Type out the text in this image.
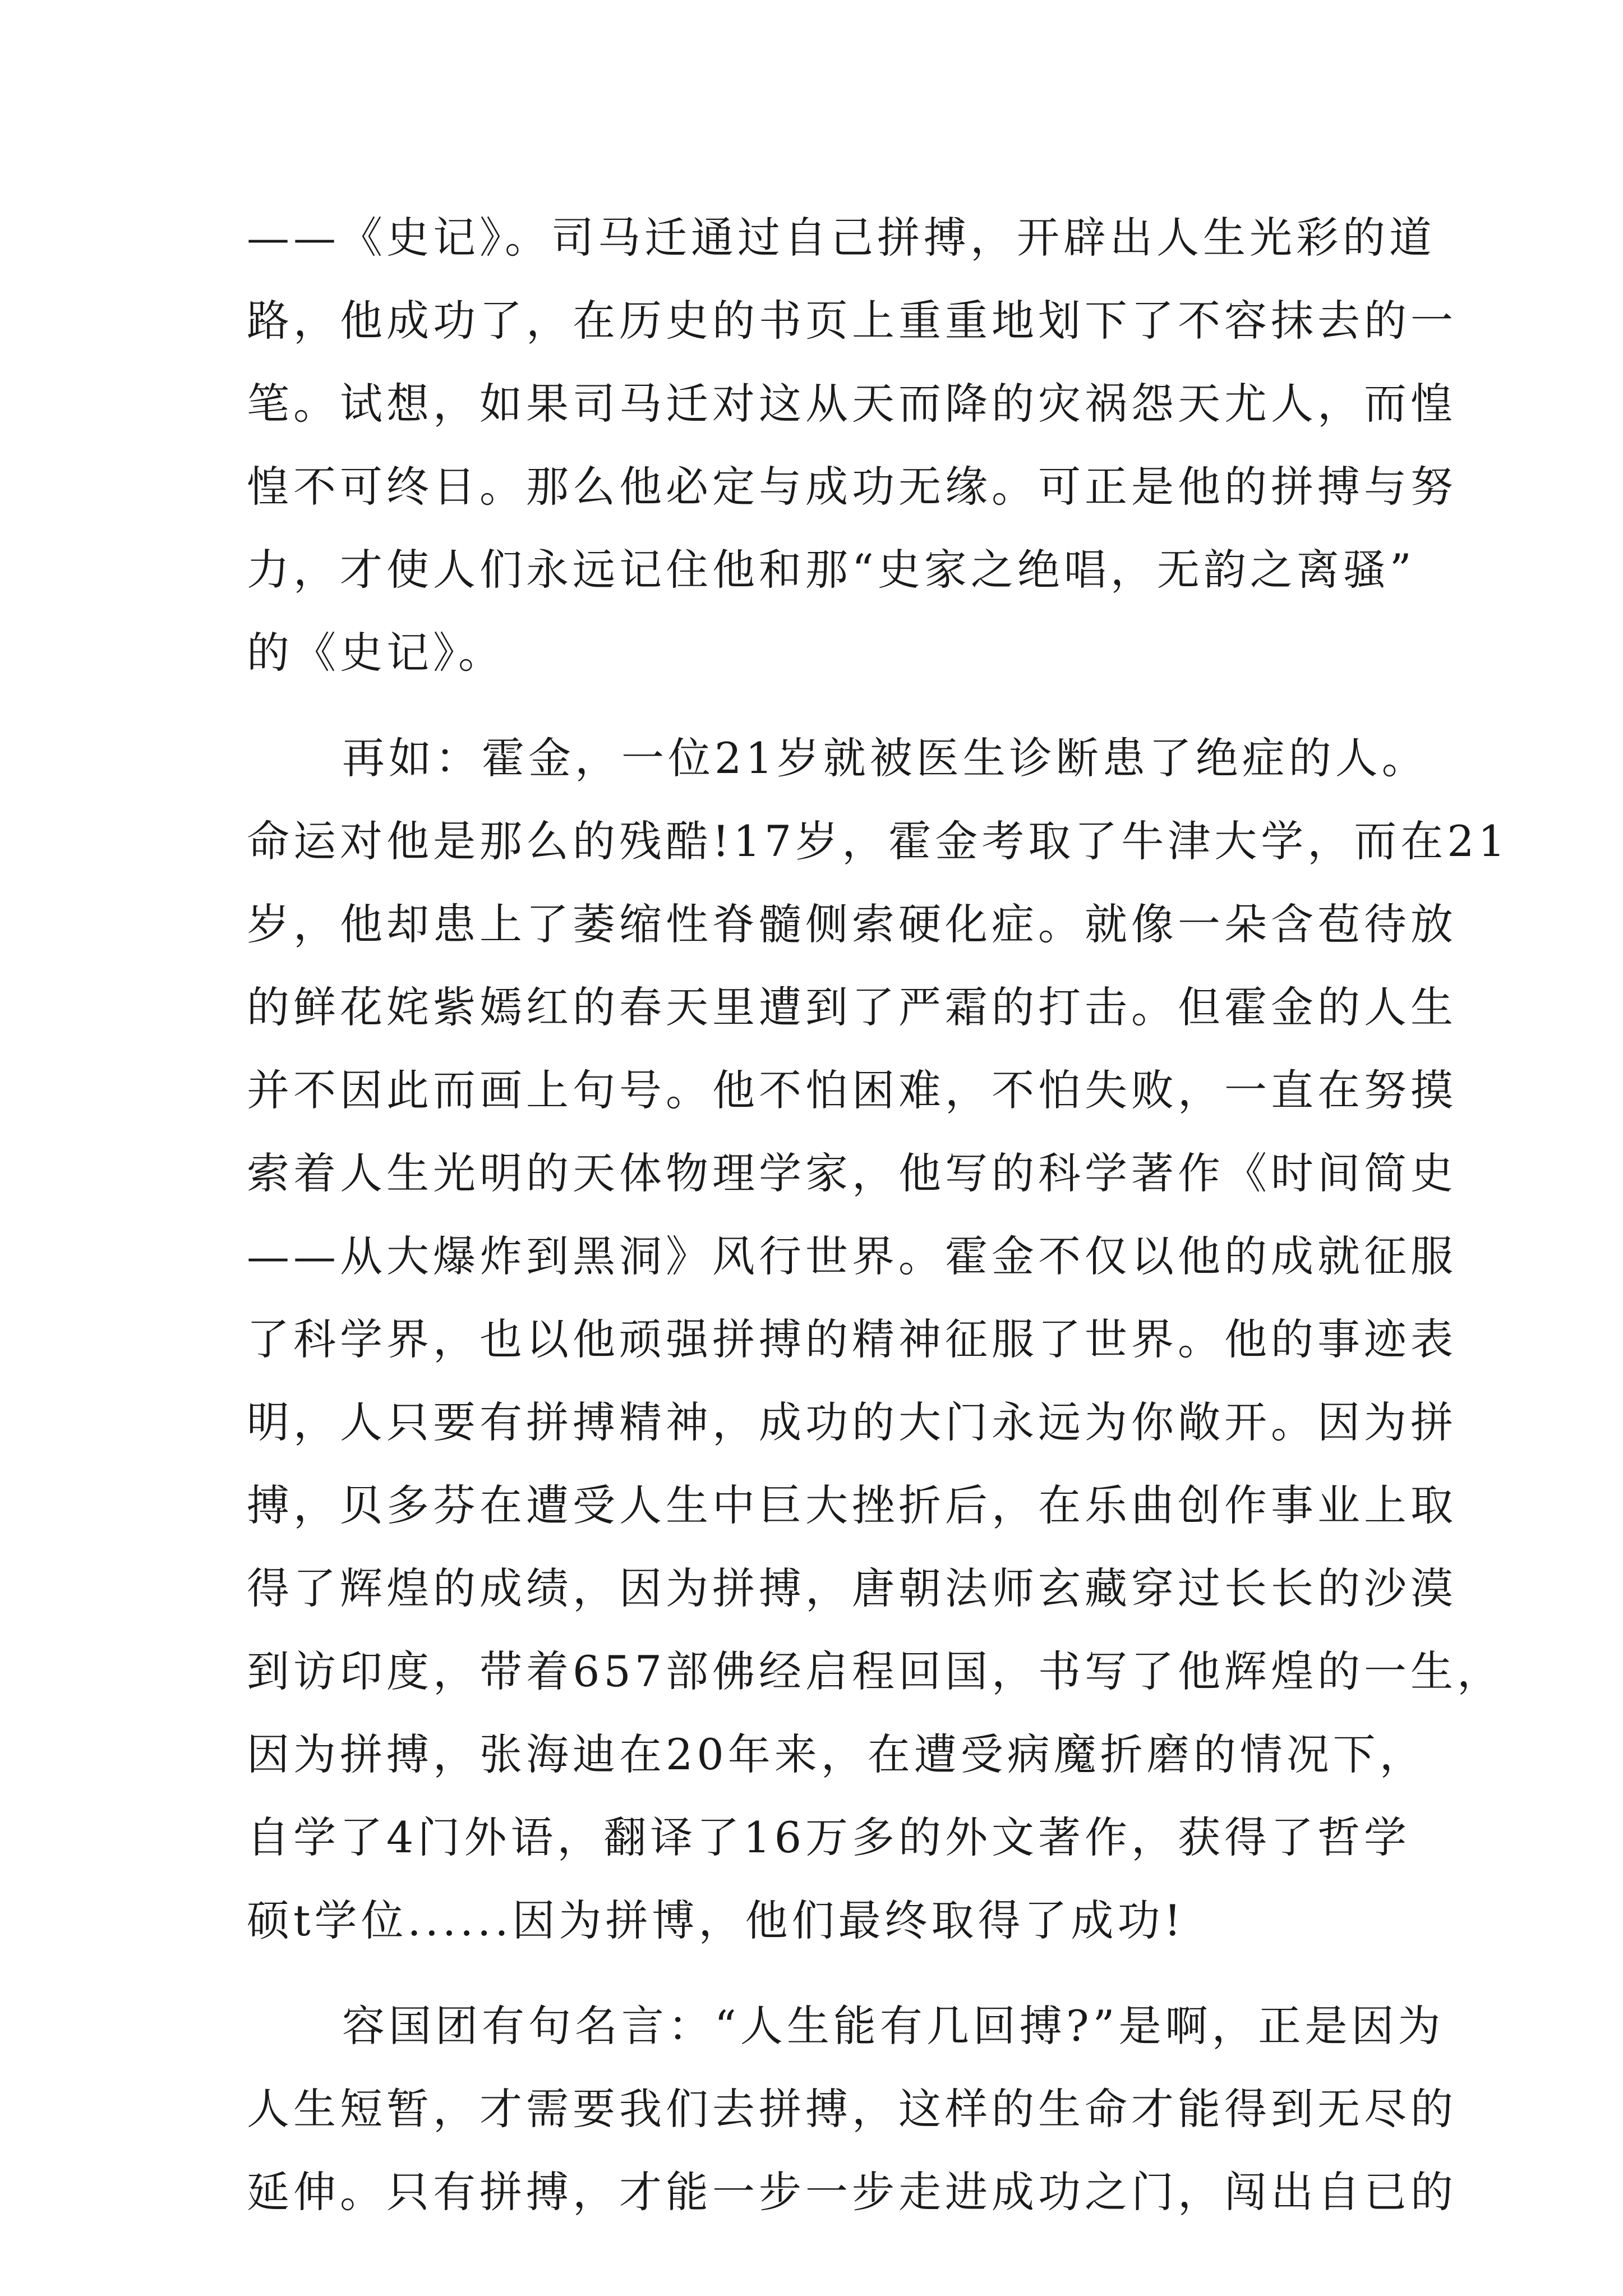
——《史记》。司马迁通过自己拼搏，开辟出人生光彩的道
路，他成功了，在历史的书页上重重地划下了不容抹去的一
笔。试想，如果司马迁对这从天而降的灾祸怨天尤人，而惶
惶不可终日。那么他必定与成功无缘。可正是他的拼搏与努
力，才使人们永远记住他和那“史家之绝唱，无韵之离骚”
的《史记》。
再如：霍金，一位21岁就被医生诊断患了绝症的人。
命运对他是那么的残酷!17岁，霍金考取了牛津大学，而在21
岁，他却患上了萎缩性脊髓侧索硬化症。就像一朵含苞待放
的鲜花姹紫嫣红的春天里遭到了严霜的打击。但霍金的人生
并不因此而画上句号。他不怕困难，不怕失败，一直在努摸
索着人生光明的天体物理学家，他写的科学著作《时间简史
——从大爆炸到黑洞》风行世界。霍金不仅以他的成就征服
了科学界，也以他顽强拼搏的精神征服了世界。他的事迹表
明，人只要有拼搏精神，成功的大门永远为你敞开。因为拼
搏，贝多芬在遭受人生中巨大挫折后，在乐曲创作事业上取
得了辉煌的成绩，因为拼搏，唐朝法师玄藏穿过长长的沙漠
到访印度，带着657部佛经启程回国，书写了他辉煌的一生，
因为拼搏，张海迪在20年来，在遭受病魔折磨的情况下，
自学了4门外语，翻译了16万多的外文著作，获得了哲学
硕t学位......因为拼博，他们最终取得了成功!
容国团有句名言：“人生能有几回搏?”是啊，正是因为
人生短暂，才需要我们去拼搏，这样的生命才能得到无尽的
延伸。只有拼搏，才能一步一步走进成功之门，闯出自已的
